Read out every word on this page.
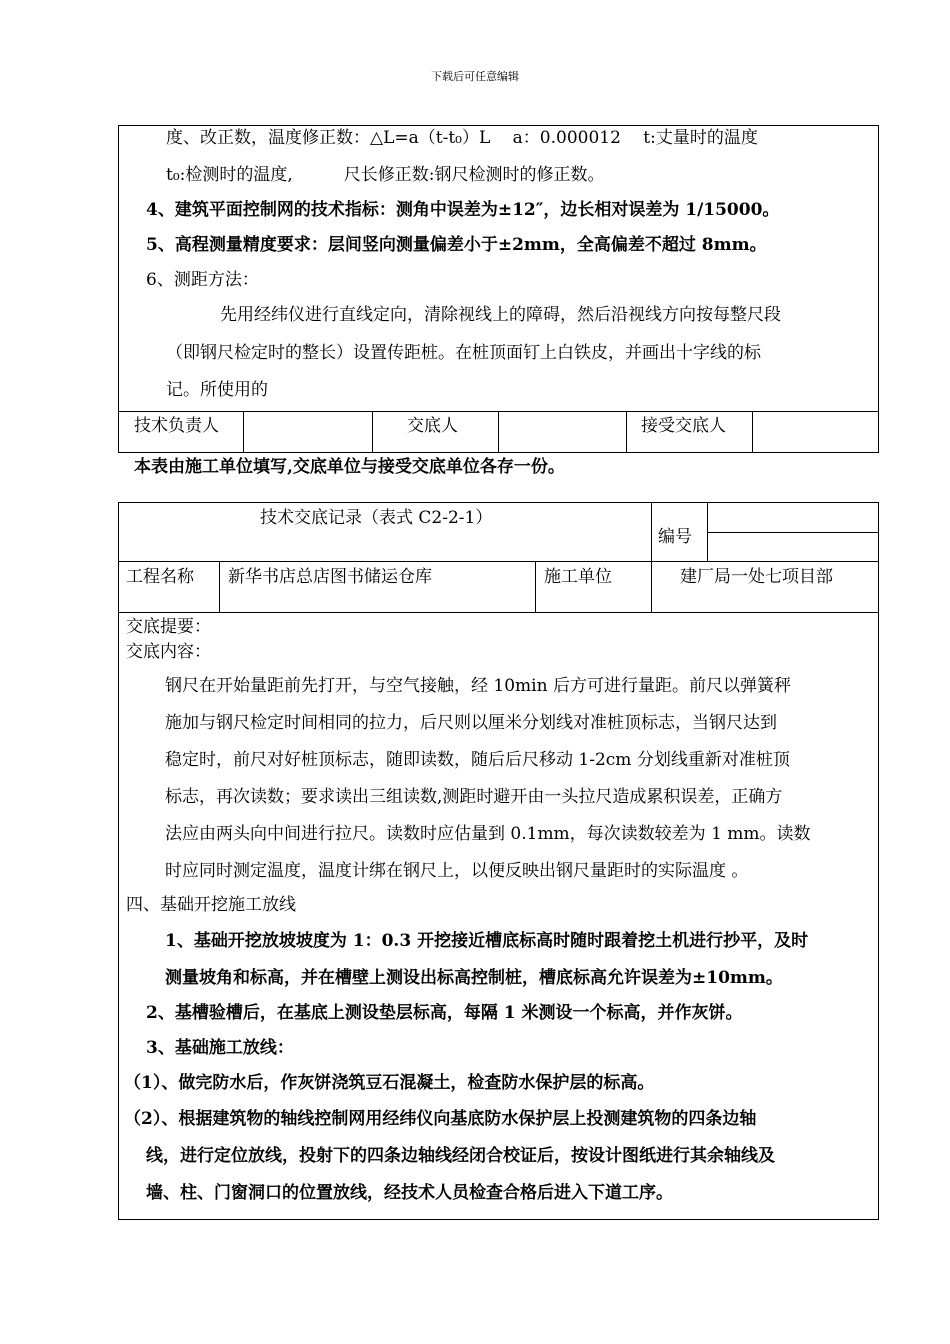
下载后可任意编辑
度、改正数，温度修正数：△L=a（t-t₀）L　 a：0.000012　 t:丈量时的温度
t₀:检测时的温度,　　　尺长修正数:钢尺检测时的修正数。
4、建筑平面控制网的技术指标：测角中误差为±12″，边长相对误差为 1/15000。
5、高程测量精度要求：层间竖向测量偏差小于±2mm，全高偏差不超过 8mm。
6、测距方法：
先用经纬仪进行直线定向，清除视线上的障碍，然后沿视线方向按每整尺段
（即钢尺检定时的整长）设置传距桩。在桩顶面钉上白铁皮，并画出十字线的标
记。所使用的
技术负责人	交底人	接受交底人
本表由施工单位填写,交底单位与接受交底单位各存一份。
技术交底记录（表式 C2-2-1）
编号
工程名称 新华书店总店图书储运仓库	施工单位	建厂局一处七项目部
交底提要：
交底内容：
钢尺在开始量距前先打开，与空气接触，经 10min 后方可进行量距。前尺以弹簧秤
施加与钢尺检定时间相同的拉力，后尺则以厘米分划线对准桩顶标志，当钢尺达到
稳定时，前尺对好桩顶标志，随即读数，随后后尺移动 1-2cm 分划线重新对准桩顶
标志，再次读数；要求读出三组读数,测距时避开由一头拉尺造成累积误差，正确方
法应由两头向中间进行拉尺。读数时应估量到 0.1mm，每次读数较差为 1 mm。读数
时应同时测定温度，温度计绑在钢尺上，以便反映出钢尺量距时的实际温度 。
四、基础开挖施工放线
1、基础开挖放坡坡度为 1：0.3 开挖接近槽底标高时随时跟着挖土机进行抄平，及时
测量坡角和标高，并在槽壁上测设出标高控制桩，槽底标高允许误差为±10mm。
2、基槽验槽后，在基底上测设垫层标高，每隔 1 米测设一个标高，并作灰饼。
3、基础施工放线：
（1）、做完防水后，作灰饼浇筑豆石混凝土，检查防水保护层的标高。
（2）、根据建筑物的轴线控制网用经纬仪向基底防水保护层上投测建筑物的四条边轴
线，进行定位放线，投射下的四条边轴线经闭合校证后，按设计图纸进行其余轴线及
墙、柱、门窗洞口的位置放线，经技术人员检查合格后进入下道工序。
